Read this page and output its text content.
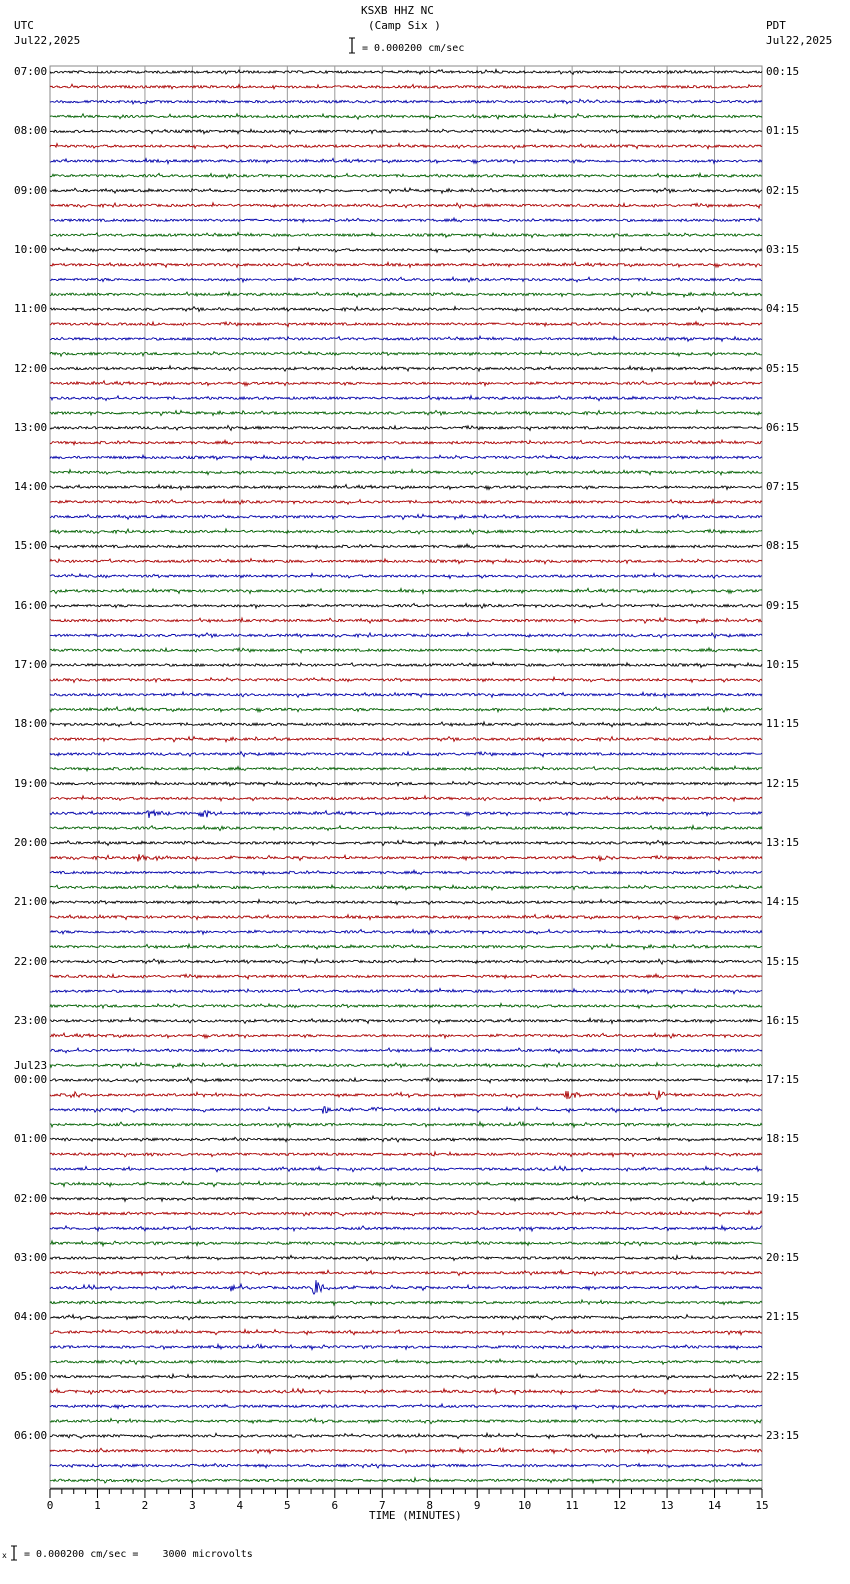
0	1	2	3	4	5	6	7	8	9	10	11	12	13	14	15
KSXB HHZ NC
(Camp Six )
UTC
Jul22,2025
PDT
Jul22,2025
= 0.000200 cm/sec
TIME (MINUTES)
x = 0.000200 cm/sec =    3000 microvolts
07:00
08:00
09:00
10:00
11:00
12:00
13:00
14:00
15:00
16:00
17:00
18:00
19:00
20:00
21:00
22:00
23:00
00:00
Jul23
01:00
02:00
03:00
04:00
05:00
06:00
00:15
01:15
02:15
03:15
04:15
05:15
06:15
07:15
08:15
09:15
10:15
11:15
12:15
13:15
14:15
15:15
16:15
17:15
18:15
19:15
20:15
21:15
22:15
23:15
